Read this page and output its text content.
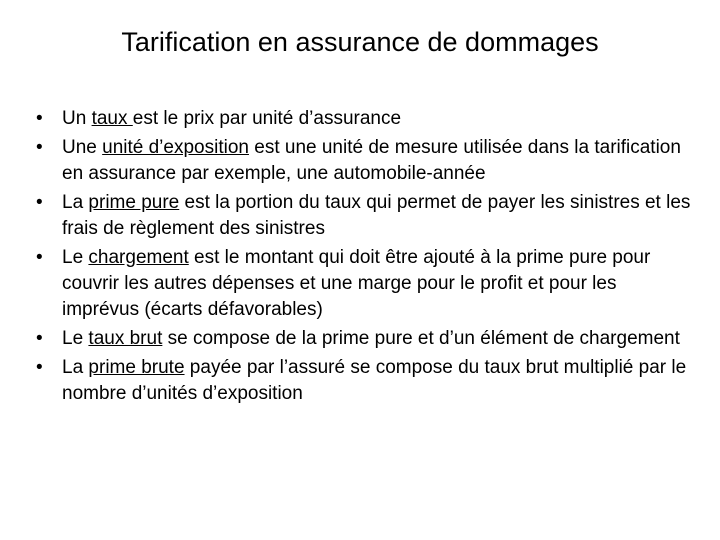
Tarification en assurance de dommages
•	Un taux est le prix par unité d’assurance
•	Une unité d’exposition est une unité de mesure utilisée dans la tarification en assurance par exemple, une automobile-année
•	La prime pure est la portion du taux qui permet de payer les sinistres et les frais de règlement des sinistres
•	Le chargement est le montant qui doit être ajouté à la prime pure pour couvrir les autres dépenses et une marge pour le profit et pour les imprévus (écarts défavorables)
•	Le taux brut se compose de la prime pure et d’un élément de chargement
•	La prime brute payée par l’assuré se compose du taux brut multiplié par le nombre d’unités d’exposition
